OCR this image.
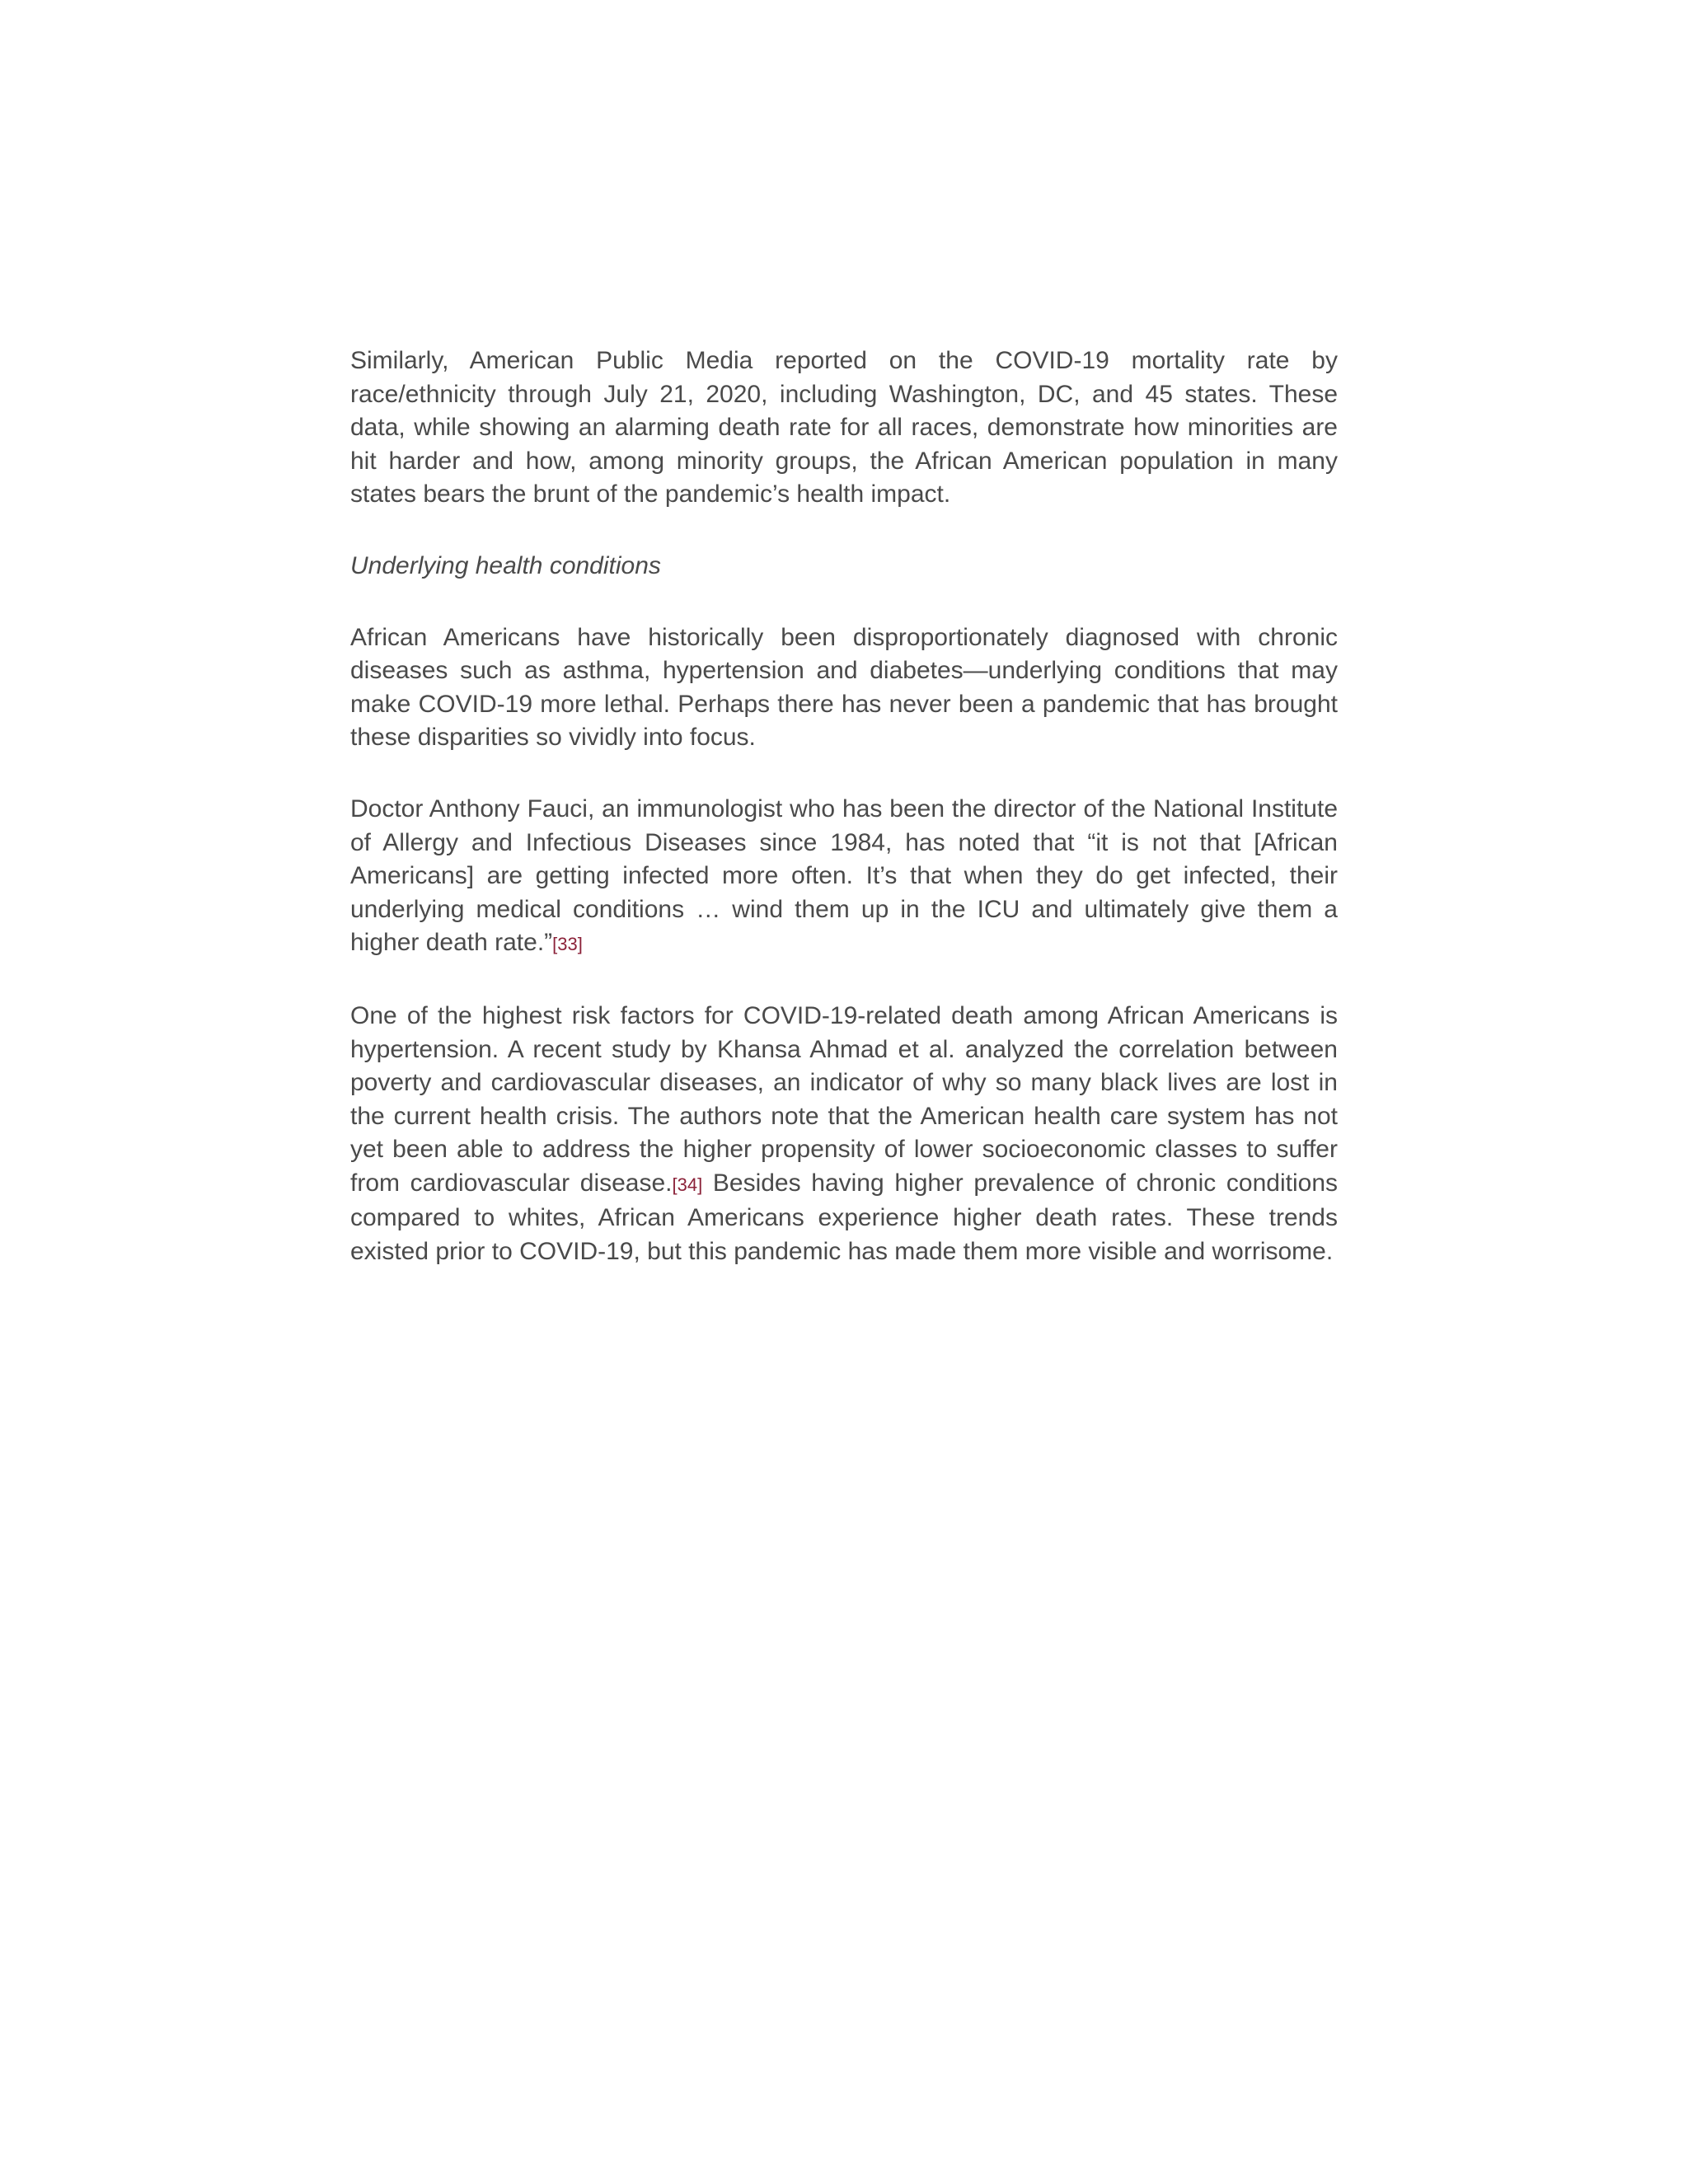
Similarly, American Public Media reported on the COVID-19 mortality rate by race/ethnicity through July 21, 2020, including Washington, DC, and 45 states. These data, while showing an alarming death rate for all races, demonstrate how minorities are hit harder and how, among minority groups, the African American population in many states bears the brunt of the pandemic’s health impact.

Underlying health conditions

African Americans have historically been disproportionately diagnosed with chronic diseases such as asthma, hypertension and diabetes—underlying conditions that may make COVID-19 more lethal. Perhaps there has never been a pandemic that has brought these disparities so vividly into focus.

Doctor Anthony Fauci, an immunologist who has been the director of the National Institute of Allergy and Infectious Diseases since 1984, has noted that “it is not that [African Americans] are getting infected more often. It’s that when they do get infected, their underlying medical conditions … wind them up in the ICU and ultimately give them a higher death rate.”[33]

One of the highest risk factors for COVID-19-related death among African Americans is hypertension. A recent study by Khansa Ahmad et al. analyzed the correlation between poverty and cardiovascular diseases, an indicator of why so many black lives are lost in the current health crisis. The authors note that the American health care system has not yet been able to address the higher propensity of lower socioeconomic classes to suffer from cardiovascular disease.[34] Besides having higher prevalence of chronic conditions compared to whites, African Americans experience higher death rates. These trends existed prior to COVID-19, but this pandemic has made them more visible and worrisome.
